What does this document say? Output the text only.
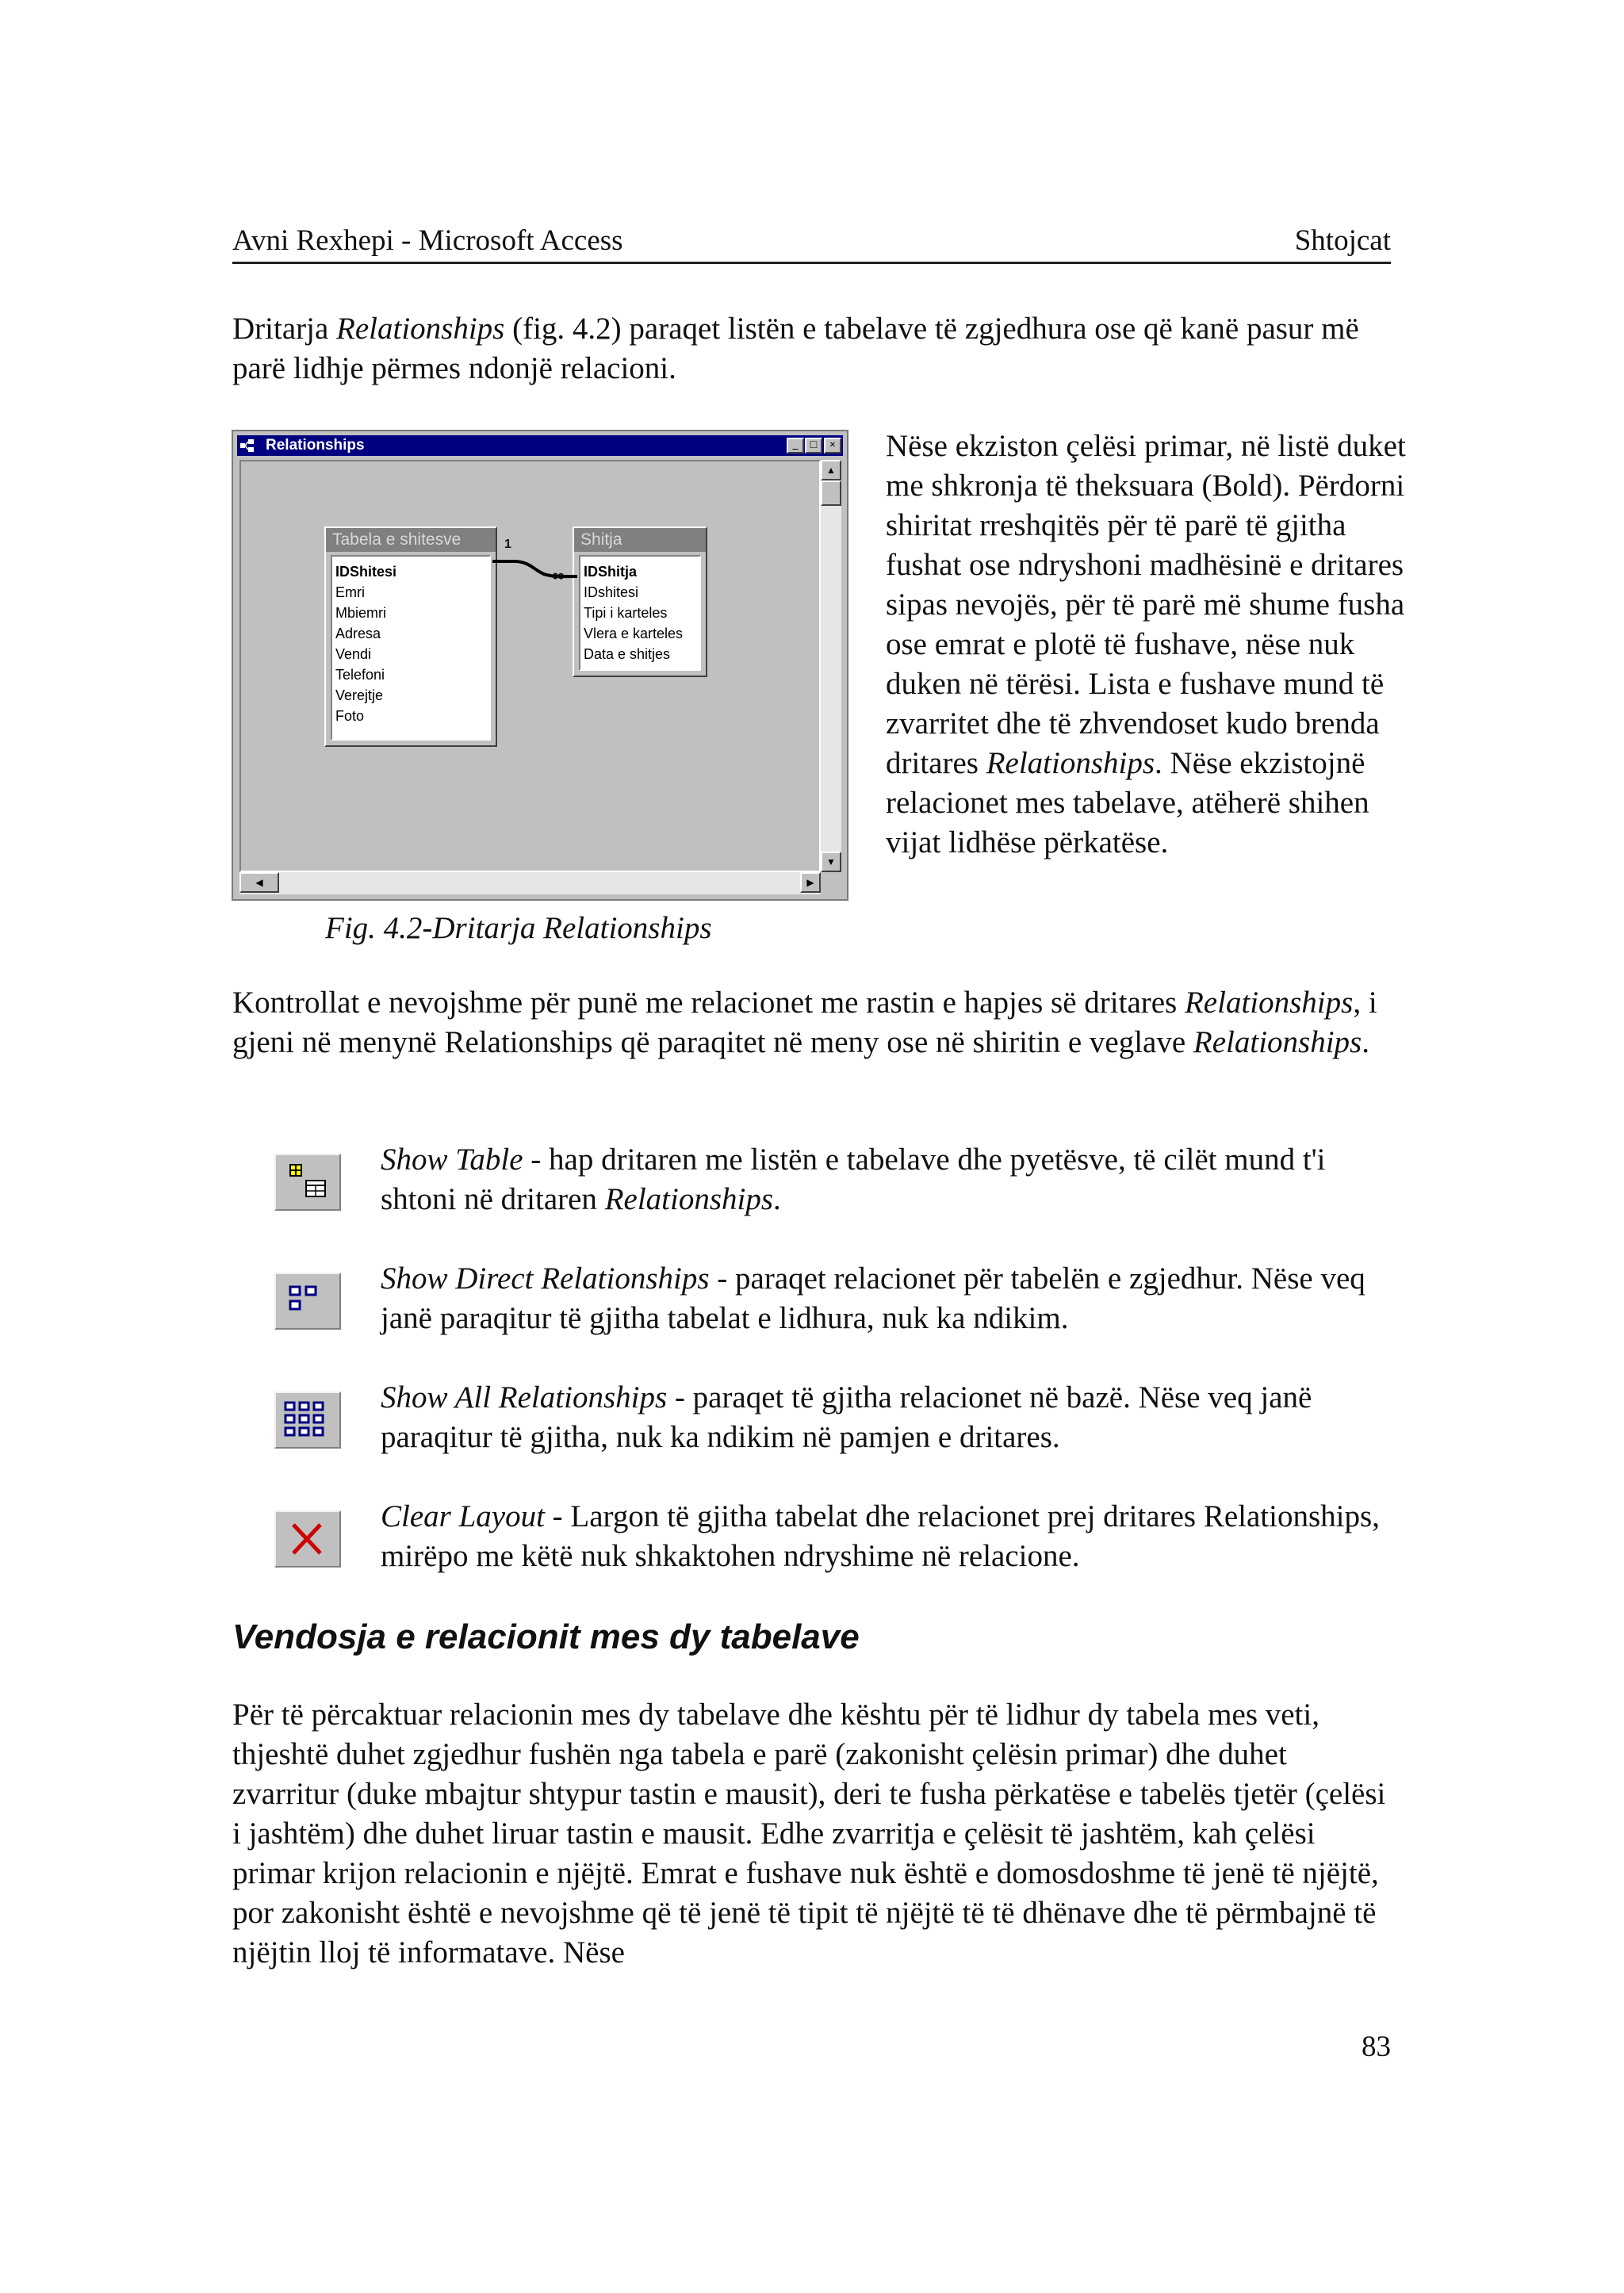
Avni Rexhepi - Microsoft Access	Shtojcat
Dritarja Relationships (fig. 4.2) paraqet listën e tabelave të zgjedhura ose që kanë pasur më parë lidhje përmes ndonjë relacioni.
Relationships	_	□	×
Tabela e shitesve
IDShitesi
Emri
Mbiemri
Adresa
Vendi
Telefoni
Verejtje
Foto
Shitja
IDShitja
IDshitesi
Tipi i karteles
Vlera e karteles
Data e shitjes
1
∞
▲
▼
◀	▶
Fig. 4.2-Dritarja Relationships
Nëse ekziston çelësi primar, në listë duket me shkronja të theksuara (Bold). Përdorni shiritat rreshqitës për të parë të gjitha fushat ose ndryshoni madhësinë e dritares sipas nevojës, për të parë më shume fusha ose emrat e plotë të fushave, nëse nuk duken në tërësi. Lista e fushave mund të zvarritet dhe të zhvendoset kudo brenda dritares Relationships. Nëse ekzistojnë relacionet mes tabelave, atëherë shihen vijat lidhëse përkatëse.
Kontrollat e nevojshme për punë me relacionet me rastin e hapjes së dritares Relationships, i gjeni në menynë Relationships që paraqitet në meny ose në shiritin e veglave Relationships.
Show Table - hap dritaren me listën e tabelave dhe pyetësve, të cilët mund t'i shtoni në dritaren Relationships.
Show Direct Relationships - paraqet relacionet për tabelën e zgjedhur. Nëse veq janë paraqitur të gjitha tabelat e lidhura, nuk ka ndikim.
Show All Relationships - paraqet të gjitha relacionet në bazë. Nëse veq janë paraqitur të gjitha, nuk ka ndikim në pamjen e dritares.
Clear Layout - Largon të gjitha tabelat dhe relacionet prej dritares Relationships, mirëpo me këtë nuk shkaktohen ndryshime në relacione.
Vendosja e relacionit mes dy tabelave
Për të përcaktuar relacionin mes dy tabelave dhe kështu për të lidhur dy tabela mes veti, thjeshtë duhet zgjedhur fushën nga tabela e parë (zakonisht çelësin primar) dhe duhet zvarritur (duke mbajtur shtypur tastin e mausit), deri te fusha përkatëse e tabelës tjetër (çelësi i jashtëm) dhe duhet liruar tastin e mausit. Edhe zvarritja e çelësit të jashtëm, kah çelësi primar krijon relacionin e njëjtë. Emrat e fushave nuk është e domosdoshme të jenë të njëjtë, por zakonisht është e nevojshme që të jenë të tipit të njëjtë të të dhënave dhe të përmbajnë të njëjtin lloj të informatave. Nëse
83
